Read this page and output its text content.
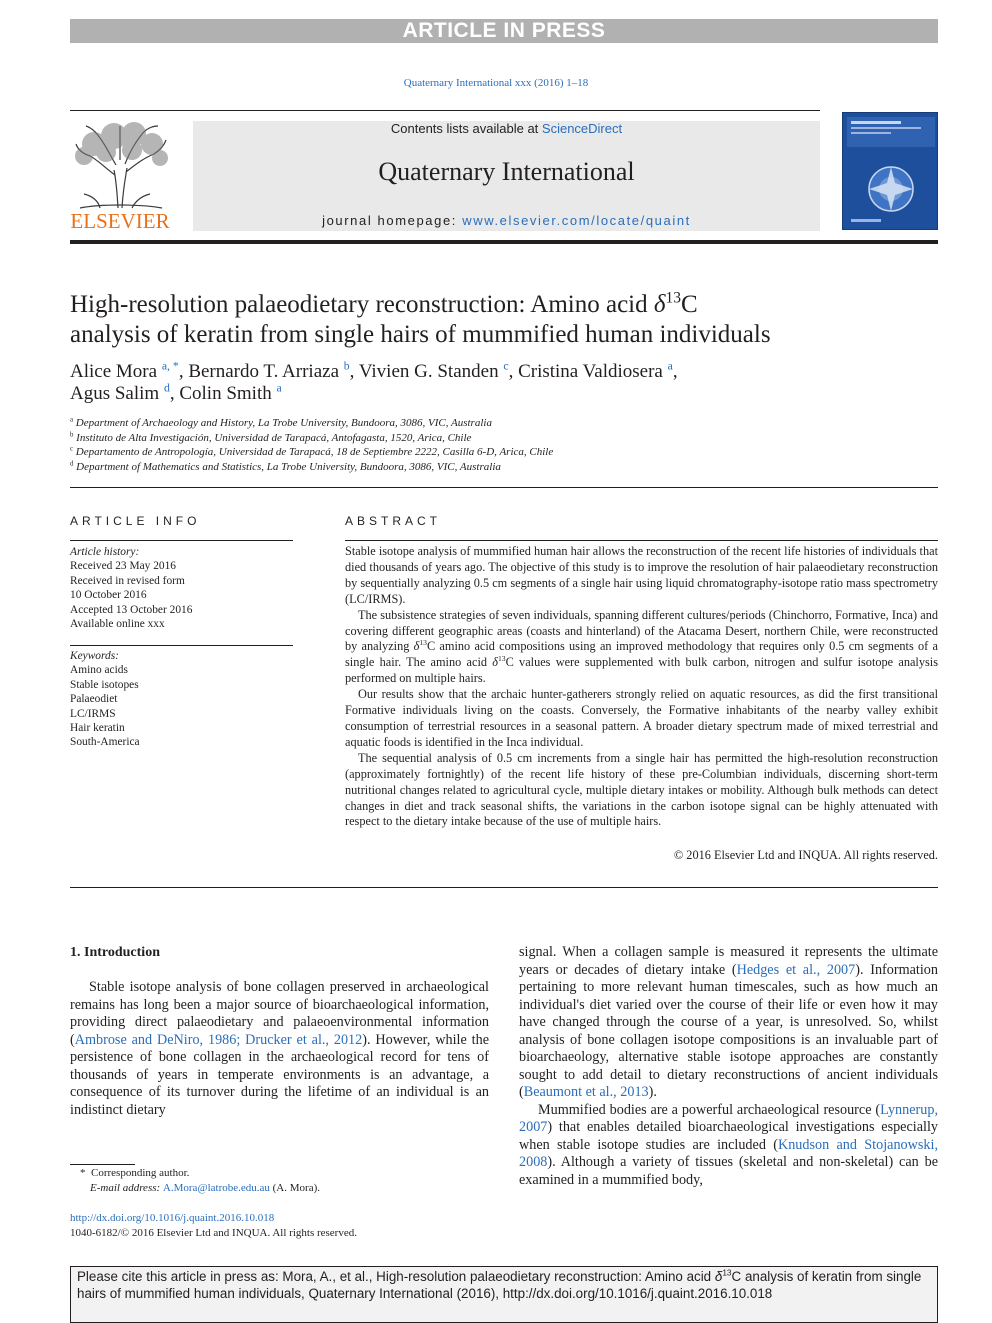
ARTICLE IN PRESS
Quaternary International xxx (2016) 1–18
ELSEVIER
Contents lists available at ScienceDirect
Quaternary International
journal homepage: www.elsevier.com/locate/quaint
High-resolution palaeodietary reconstruction: Amino acid $\delta^{13}C$
analysis of keratin from single hairs of mummified human individuals
Alice Mora $^{a, *}$, Bernardo T. Arriaza $^b$, Vivien G. Standen $^c$, Cristina Valdiosera $^a$,
Agus Salim $^d$, Colin Smith $^a$
$^a$ Department of Archaeology and History, La Trobe University, Bundoora, 3086, VIC, Australia
$^b$ Instituto de Alta Investigación, Universidad de Tarapacá, Antofagasta, 1520, Arica, Chile
$^c$ Departamento de Antropología, Universidad de Tarapacá, 18 de Septiembre 2222, Casilla 6-D, Arica, Chile
$^d$ Department of Mathematics and Statistics, La Trobe University, Bundoora, 3086, VIC, Australia
ARTICLE INFO
Article history:
Received 23 May 2016
Received in revised form
10 October 2016
Accepted 13 October 2016
Available online xxx
Keywords:
Amino acids
Stable isotopes
Palaeodiet
LC/IRMS
Hair keratin
South-America
ABSTRACT

Stable isotope analysis of mummified human hair allows the reconstruction of the recent life histories of individuals that died thousands of years ago. The objective of this study is to improve the resolution of hair palaeodietary reconstruction by sequentially analyzing 0.5 cm segments of a single hair using liquid chromatography-isotope ratio mass spectrometry (LC/IRMS).

The subsistence strategies of seven individuals, spanning different cultures/periods (Chinchorro, Formative, Inca) and covering different geographic areas (coasts and hinterland) of the Atacama Desert, northern Chile, were reconstructed by analyzing $\delta^{13}C$ amino acid compositions using an improved methodology that requires only 0.5 cm segments of a single hair. The amino acid $\delta^{13}C$ values were supplemented with bulk carbon, nitrogen and sulfur isotope analysis performed on multiple hairs.

Our results show that the archaic hunter-gatherers strongly relied on aquatic resources, as did the first transitional Formative individuals living on the coasts. Conversely, the Formative inhabitants of the nearby valley exhibit consumption of terrestrial resources in a seasonal pattern. A broader dietary spectrum made of mixed terrestrial and aquatic foods is identified in the Inca individual.

The sequential analysis of 0.5 cm increments from a single hair has permitted the high-resolution reconstruction (approximately fortnightly) of the recent life history of these pre-Columbian individuals, discerning short-term nutritional changes related to agricultural cycle, multiple dietary intakes or mobility. Although bulk methods can detect changes in diet and track seasonal shifts, the variations in the carbon isotope signal can be highly attenuated with respect to the dietary intake because of the use of multiple hairs.

© 2016 Elsevier Ltd and INQUA. All rights reserved.
1. Introduction

Stable isotope analysis of bone collagen preserved in archaeological remains has long been a major source of bioarchaeological information, providing direct palaeodietary and palaeoenvironmental information (Ambrose and DeNiro, 1986; Drucker et al., 2012). However, while the persistence of bone collagen in the archaeological record for tens of thousands of years in temperate environments is an advantage, a consequence of its turnover during the lifetime of an individual is an indistinct dietary

signal. When a collagen sample is measured it represents the ultimate years or decades of dietary intake (Hedges et al., 2007). Information pertaining to more relevant human timescales, such as how much an individual's diet varied over the course of their life or even how it may have changed through the course of a year, is unresolved. So, whilst analysis of bone collagen isotope compositions is an invaluable part of bioarchaeology, alternative stable isotope approaches are constantly sought to add detail to dietary reconstructions of ancient individuals (Beaumont et al., 2013).

Mummified bodies are a powerful archaeological resource (Lynnerup, 2007) that enables detailed bioarchaeological investigations especially when stable isotope studies are included (Knudson and Stojanowski, 2008). Although a variety of tissues (skeletal and non-skeletal) can be examined in a mummified body,

* Corresponding author.
E-mail address: A.Mora@latrobe.edu.au (A. Mora).
http://dx.doi.org/10.1016/j.quaint.2016.10.018
1040-6182/© 2016 Elsevier Ltd and INQUA. All rights reserved.
Please cite this article in press as: Mora, A., et al., High-resolution palaeodietary reconstruction: Amino acid $\delta^{13}C$ analysis of keratin from single hairs of mummified human individuals, Quaternary International (2016), http://dx.doi.org/10.1016/j.quaint.2016.10.018
